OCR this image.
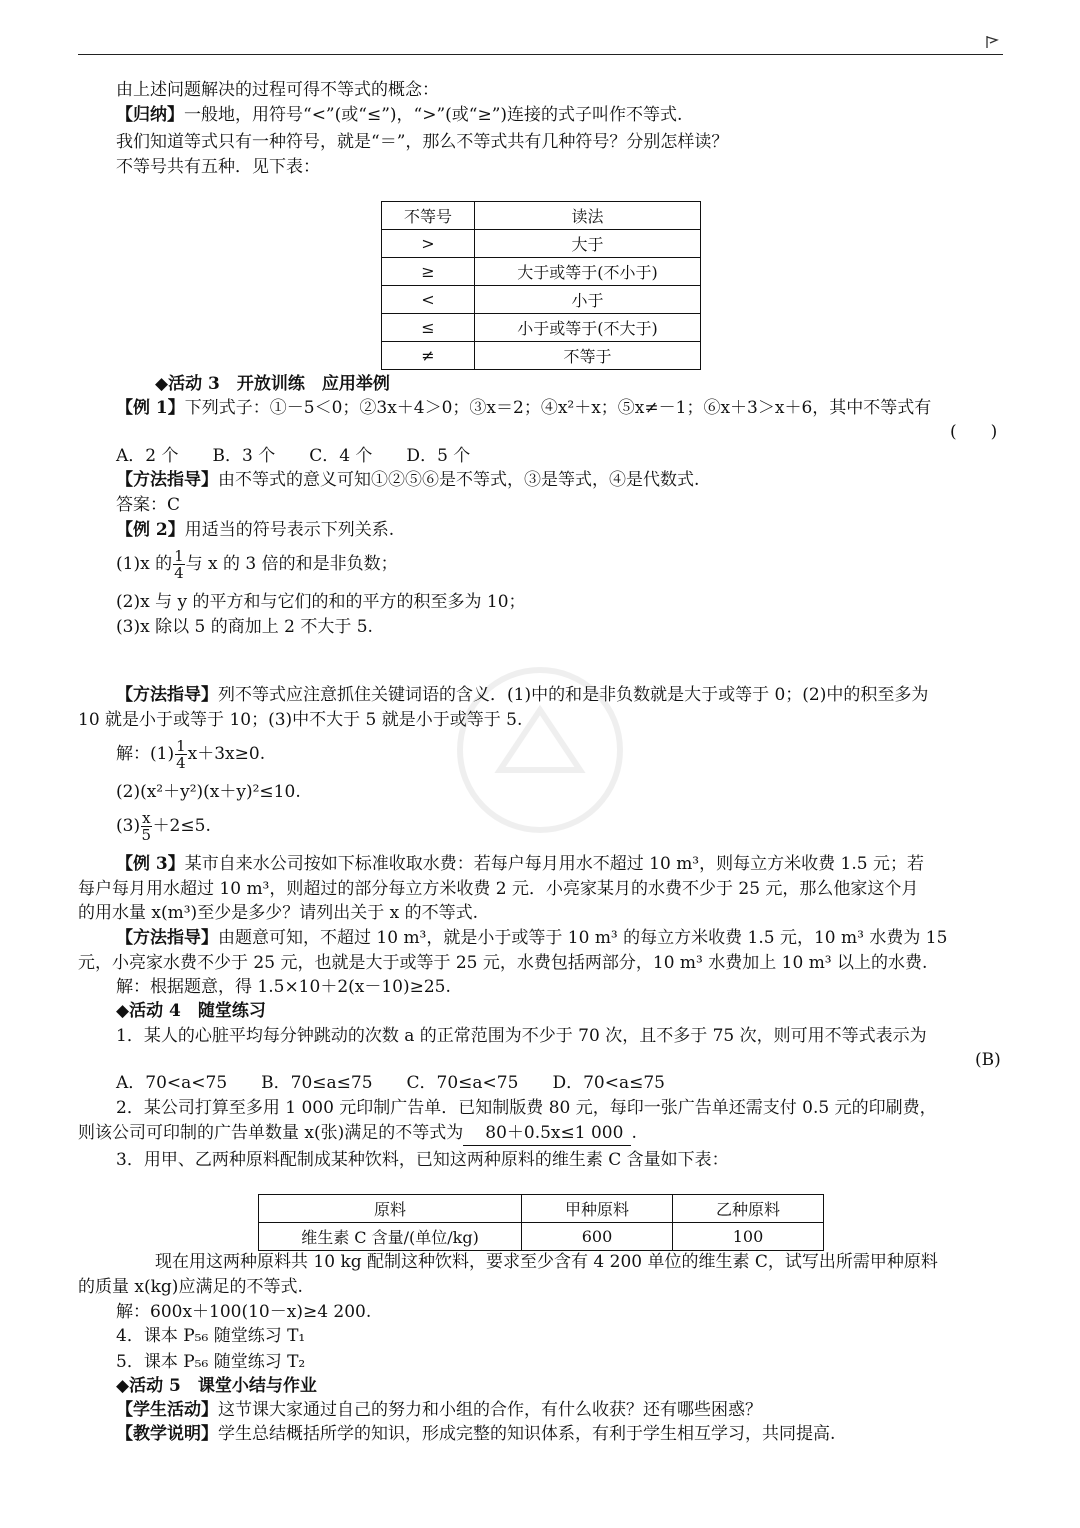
由上述问题解决的过程可得不等式的概念：
【归纳】一般地，用符号“<”(或“≤”)，“>”(或“≥”)连接的式子叫作不等式.
我们知道等式只有一种符号，就是“＝”，那么不等式共有几种符号？分别怎样读？
不等号共有五种．见下表：
不等号	读法
>	大于
≥	大于或等于(不小于)
<	小于
≤	小于或等于(不大于)
≠	不等于
◆活动 3　开放训练　应用举例
【例 1】下列式子：①－5＜0；②3x＋4＞0；③x＝2；④x²＋x；⑤x≠－1；⑥x＋3＞x＋6，其中不等式有
(　　)
A．2 个　　B．3 个　　C．4 个　　D．5 个
【方法指导】由不等式的意义可知①②⑤⑥是不等式，③是等式，④是代数式.
答案：C
【例 2】用适当的符号表示下列关系.
(1)x 的 $\frac{1}{4}$ 与 x 的 3 倍的和是非负数；
(2)x 与 y 的平方和与它们的和的平方的积至多为 10；
(3)x 除以 5 的商加上 2 不大于 5.
【方法指导】列不等式应注意抓住关键词语的含义．(1)中的和是非负数就是大于或等于 0；(2)中的积至多为
10 就是小于或等于 10；(3)中不大于 5 就是小于或等于 5.
解：$(1) \frac{1}{4} x+3x\ge 0$.
(2)(x²＋y²)(x＋y)²≤10.
$(3) \frac{x}{5} +2\le 5$.
【例 3】某市自来水公司按如下标准收取水费：若每户每月用水不超过 10 m³，则每立方米收费 1.5 元；若
每户每月用水超过 10 m³，则超过的部分每立方米收费 2 元．小亮家某月的水费不少于 25 元，那么他家这个月
的用水量 x(m³)至少是多少？请列出关于 x 的不等式.
【方法指导】由题意可知，不超过 10 m³，就是小于或等于 10 m³ 的每立方米收费 1.5 元，10 m³ 水费为 15
元，小亮家水费不少于 25 元，也就是大于或等于 25 元，水费包括两部分，10 m³ 水费加上 10 m³ 以上的水费.
解：根据题意，得 1.5×10＋2(x－10)≥25.
◆活动 4　随堂练习
1．某人的心脏平均每分钟跳动的次数 a 的正常范围为不少于 70 次，且不多于 75 次，则可用不等式表示为
(B)
A．70<a<75　　B．70≤a≤75　　C．70≤a<75　　D．70<a≤75
2．某公司打算至多用 1 000 元印制广告单．已知制版费 80 元，每印一张广告单还需支付 0.5 元的印刷费，
则该公司可印制的广告单数量 x(张)满足的不等式为 80＋0.5x≤1 000 .
3．用甲、乙两种原料配制成某种饮料，已知这两种原料的维生素 C 含量如下表：
原料	甲种原料	乙种原料
维生素 C 含量/(单位/kg)	600	100
现在用这两种原料共 10 kg 配制这种饮料，要求至少含有 4 200 单位的维生素 C，试写出所需甲种原料
的质量 x(kg)应满足的不等式.
解：600x＋100(10－x)≥4 200.
4．课本 P₅₆ 随堂练习 T₁
5．课本 P₅₆ 随堂练习 T₂
◆活动 5　课堂小结与作业
【学生活动】这节课大家通过自己的努力和小组的合作，有什么收获？还有哪些困惑？
【教学说明】学生总结概括所学的知识，形成完整的知识体系，有利于学生相互学习，共同提高.
